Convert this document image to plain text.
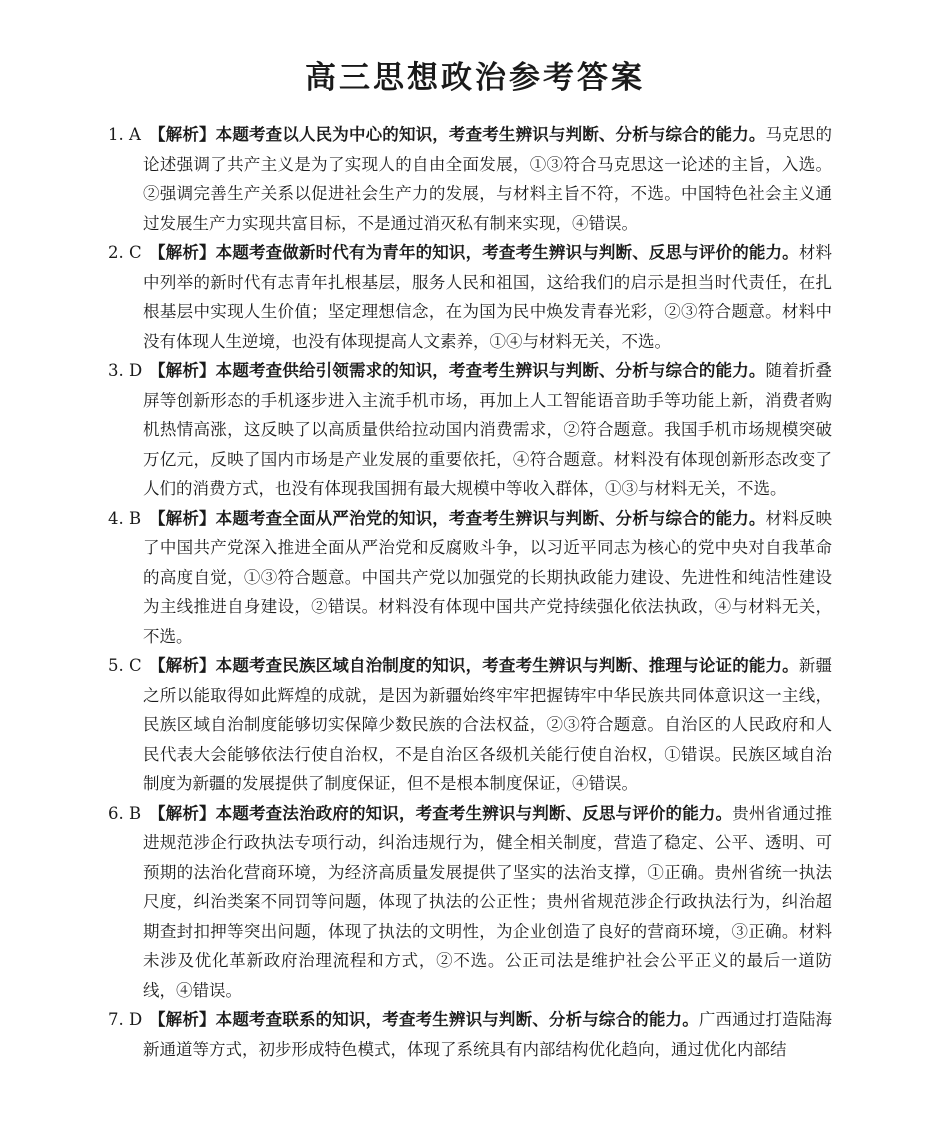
高三思想政治参考答案
1. A 【解析】本题考查以人民为中心的知识，考查考生辨识与判断、分析与综合的能力。马克思的论述强调了共产主义是为了实现人的自由全面发展，①③符合马克思这一论述的主旨，入选。②强调完善生产关系以促进社会生产力的发展，与材料主旨不符，不选。中国特色社会主义通过发展生产力实现共富目标，不是通过消灭私有制来实现，④错误。
2. C 【解析】本题考查做新时代有为青年的知识，考查考生辨识与判断、反思与评价的能力。材料中列举的新时代有志青年扎根基层，服务人民和祖国，这给我们的启示是担当时代责任，在扎根基层中实现人生价值；坚定理想信念，在为国为民中焕发青春光彩，②③符合题意。材料中没有体现人生逆境，也没有体现提高人文素养，①④与材料无关，不选。
3. D 【解析】本题考查供给引领需求的知识，考查考生辨识与判断、分析与综合的能力。随着折叠屏等创新形态的手机逐步进入主流手机市场，再加上人工智能语音助手等功能上新，消费者购机热情高涨，这反映了以高质量供给拉动国内消费需求，②符合题意。我国手机市场规模突破万亿元，反映了国内市场是产业发展的重要依托，④符合题意。材料没有体现创新形态改变了人们的消费方式，也没有体现我国拥有最大规模中等收入群体，①③与材料无关，不选。
4. B 【解析】本题考查全面从严治党的知识，考查考生辨识与判断、分析与综合的能力。材料反映了中国共产党深入推进全面从严治党和反腐败斗争，以习近平同志为核心的党中央对自我革命的高度自觉，①③符合题意。中国共产党以加强党的长期执政能力建设、先进性和纯洁性建设为主线推进自身建设，②错误。材料没有体现中国共产党持续强化依法执政，④与材料无关，不选。
5. C 【解析】本题考查民族区域自治制度的知识，考查考生辨识与判断、推理与论证的能力。新疆之所以能取得如此辉煌的成就，是因为新疆始终牢牢把握铸牢中华民族共同体意识这一主线，民族区域自治制度能够切实保障少数民族的合法权益，②③符合题意。自治区的人民政府和人民代表大会能够依法行使自治权，不是自治区各级机关能行使自治权，①错误。民族区域自治制度为新疆的发展提供了制度保证，但不是根本制度保证，④错误。
6. B 【解析】本题考查法治政府的知识，考查考生辨识与判断、反思与评价的能力。贵州省通过推进规范涉企行政执法专项行动，纠治违规行为，健全相关制度，营造了稳定、公平、透明、可预期的法治化营商环境，为经济高质量发展提供了坚实的法治支撑，①正确。贵州省统一执法尺度，纠治类案不同罚等问题，体现了执法的公正性；贵州省规范涉企行政执法行为，纠治超期查封扣押等突出问题，体现了执法的文明性，为企业创造了良好的营商环境，③正确。材料未涉及优化革新政府治理流程和方式，②不选。公正司法是维护社会公平正义的最后一道防线，④错误。
7. D 【解析】本题考查联系的知识，考查考生辨识与判断、分析与综合的能力。广西通过打造陆海新通道等方式，初步形成特色模式，体现了系统具有内部结构优化趋向，通过优化内部结
